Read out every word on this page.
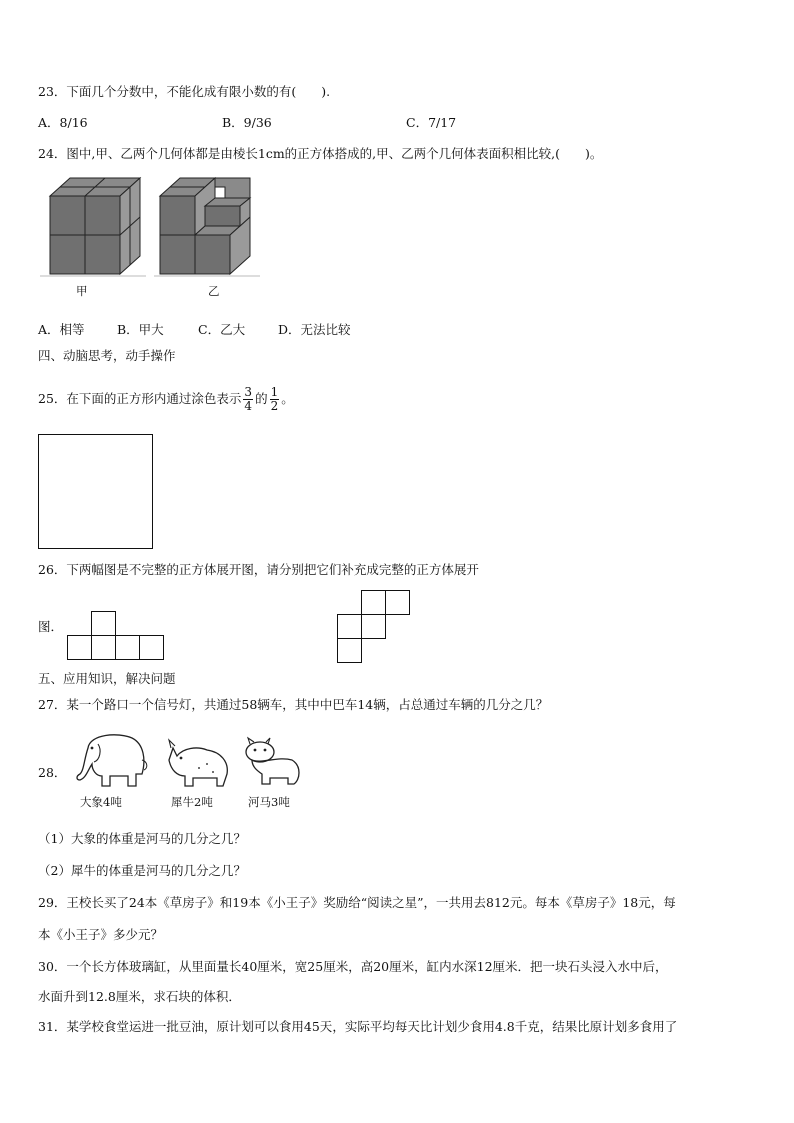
23．下面几个分数中，不能化成有限小数的有(　　).
A．8/16	B．9/36	C．7/17
24．图中,甲、乙两个几何体都是由棱长1cm的正方体搭成的,甲、乙两个几何体表面积相比较,(　　)。
甲	乙
A．相等	B．甲大	C．乙大	D．无法比较
四、动脑思考，动手操作
25．在下面的正方形内通过涂色表示 $\frac{3}{4}$ 的 $\frac{1}{2}$ 。
26．下两幅图是不完整的正方体展开图，请分别把它们补充成完整的正方体展开
图．
五、应用知识，解决问题
27．某一个路口一个信号灯，共通过58辆车，其中中巴车14辆，占总通过车辆的几分之几？
28．
大象4吨	犀牛2吨	河马3吨
（1）大象的体重是河马的几分之几？
（2）犀牛的体重是河马的几分之几？
29．王校长买了24本《草房子》和19本《小王子》奖励给“阅读之星”，一共用去812元。每本《草房子》18元，每
本《小王子》多少元？
30．一个长方体玻璃缸，从里面量长40厘米，宽25厘米，高20厘米，缸内水深12厘米．把一块石头浸入水中后，
水面升到12.8厘米，求石块的体积．
31．某学校食堂运进一批豆油，原计划可以食用45天，实际平均每天比计划少食用4.8千克，结果比原计划多食用了
